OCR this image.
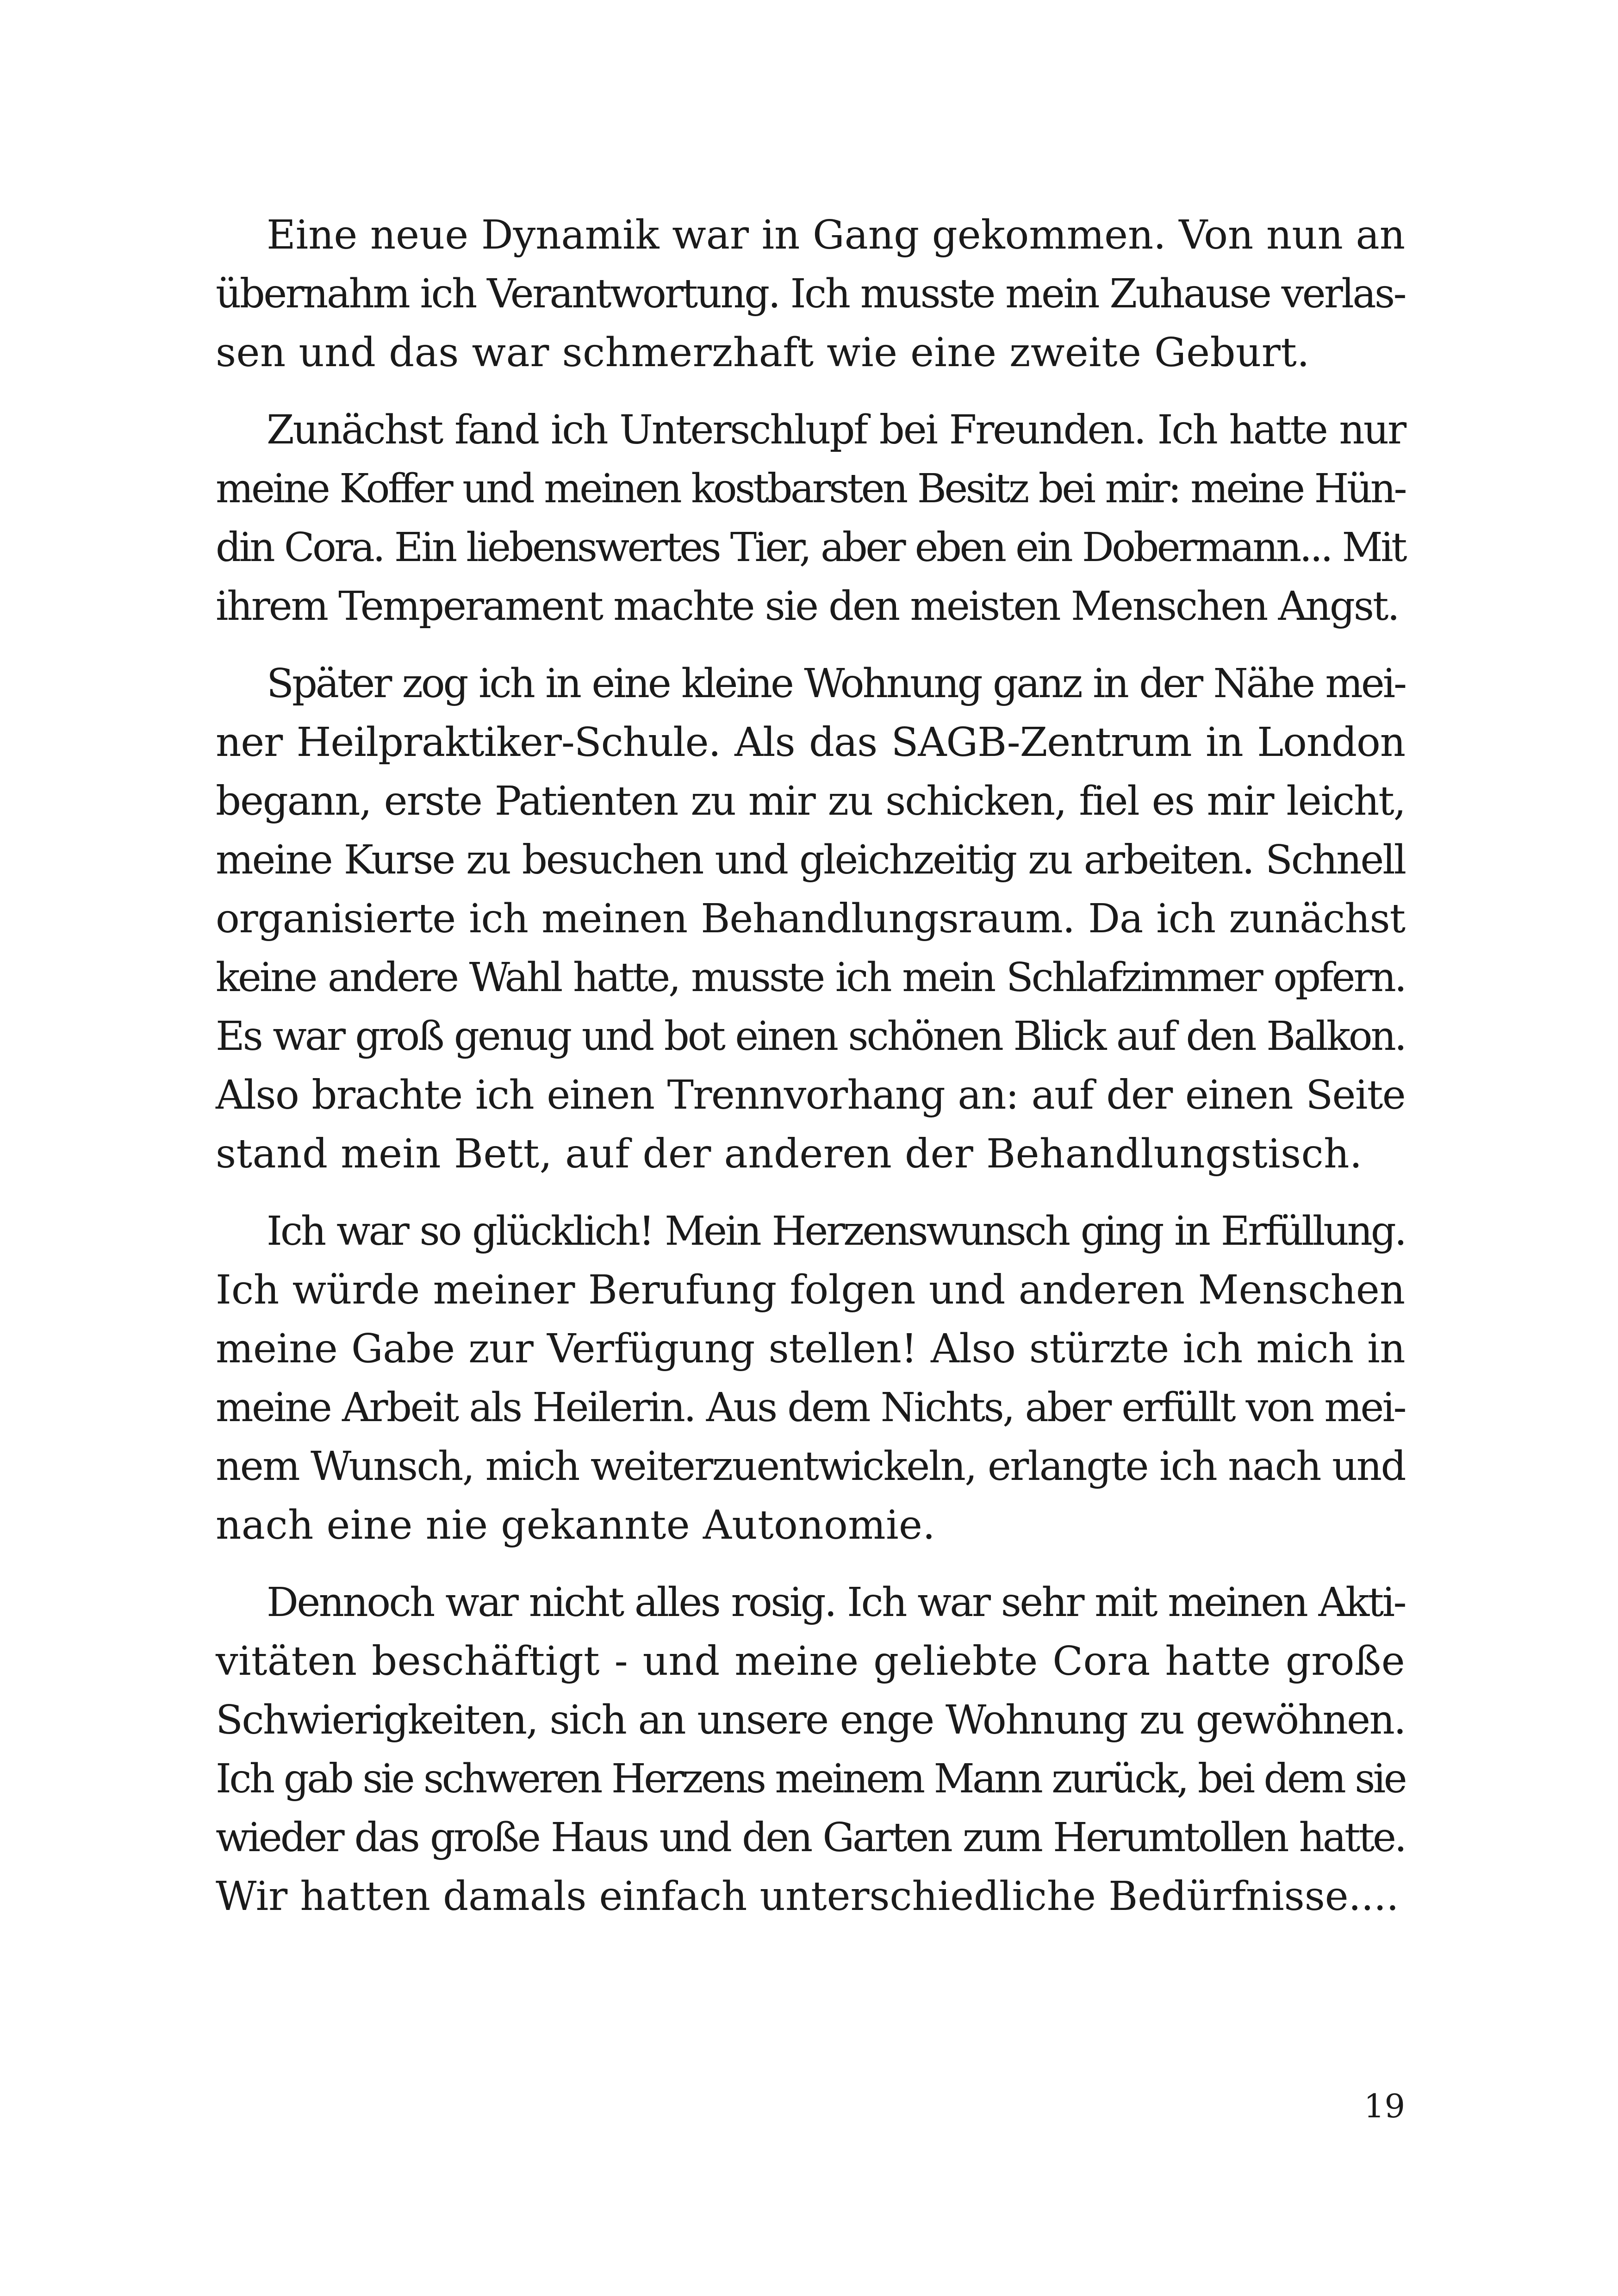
Eine neue Dynamik war in Gang gekommen. Von nun an
übernahm ich Verantwortung. Ich musste mein Zuhause verlas-
sen und das war schmerzhaft wie eine zweite Geburt.
Zunächst fand ich Unterschlupf bei Freunden. Ich hatte nur
meine Koffer und meinen kostbarsten Besitz bei mir: meine Hün-
din Cora. Ein liebenswertes Tier, aber eben ein Dobermann... Mit
ihrem Temperament machte sie den meisten Menschen Angst.
Später zog ich in eine kleine Wohnung ganz in der Nähe mei-
ner Heilpraktiker-Schule. Als das SAGB-Zentrum in London
begann, erste Patienten zu mir zu schicken, fiel es mir leicht,
meine Kurse zu besuchen und gleichzeitig zu arbeiten. Schnell
organisierte ich meinen Behandlungsraum. Da ich zunächst
keine andere Wahl hatte, musste ich mein Schlafzimmer opfern.
Es war groß genug und bot einen schönen Blick auf den Balkon.
Also brachte ich einen Trennvorhang an: auf der einen Seite
stand mein Bett, auf der anderen der Behandlungstisch.
Ich war so glücklich! Mein Herzenswunsch ging in Erfüllung.
Ich würde meiner Berufung folgen und anderen Menschen
meine Gabe zur Verfügung stellen! Also stürzte ich mich in
meine Arbeit als Heilerin. Aus dem Nichts, aber erfüllt von mei-
nem Wunsch, mich weiterzuentwickeln, erlangte ich nach und
nach eine nie gekannte Autonomie.
Dennoch war nicht alles rosig. Ich war sehr mit meinen Akti-
vitäten beschäftigt - und meine geliebte Cora hatte große
Schwierigkeiten, sich an unsere enge Wohnung zu gewöhnen.
Ich gab sie schweren Herzens meinem Mann zurück, bei dem sie
wieder das große Haus und den Garten zum Herumtollen hatte.
Wir hatten damals einfach unterschiedliche Bedürfnisse....
19
